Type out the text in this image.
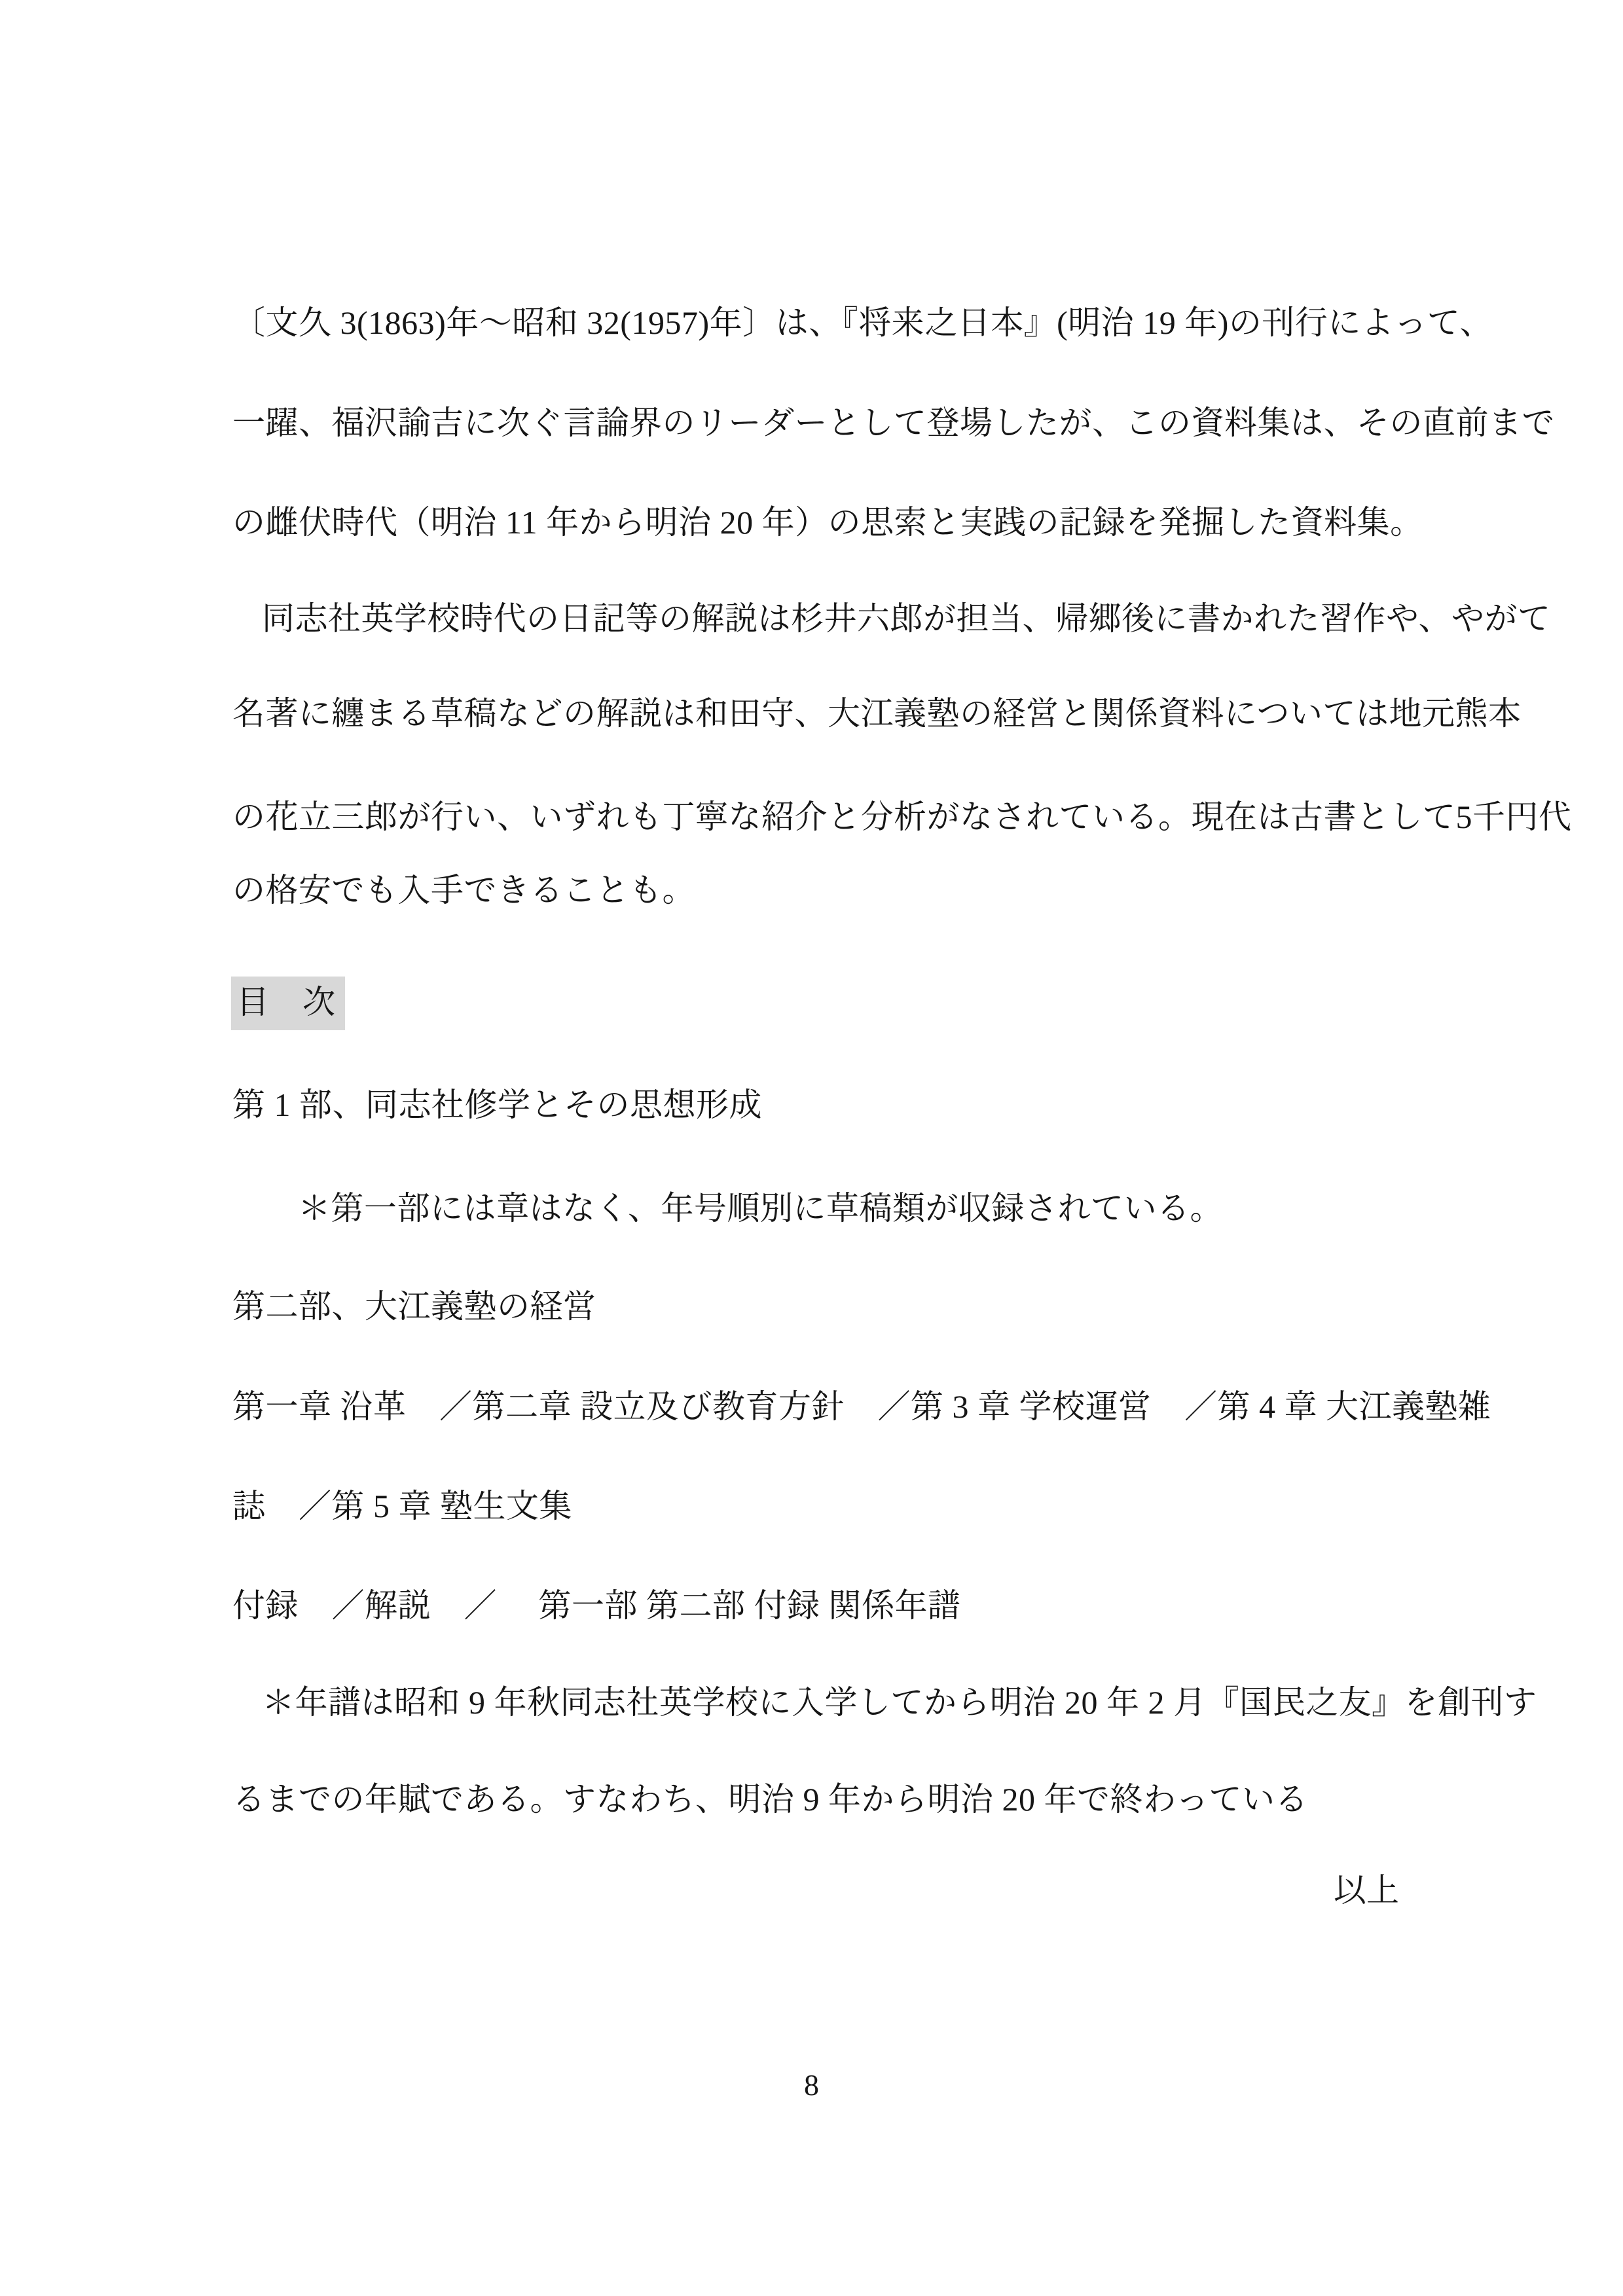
〔文久 3(1863)年～昭和 32(1957)年〕は、『将来之日本』(明治 19 年)の刊行によって、
一躍、福沢諭吉に次ぐ言論界のリーダーとして登場したが、この資料集は、その直前まで
の雌伏時代（明治 11 年から明治 20 年）の思索と実践の記録を発掘した資料集。
同志社英学校時代の日記等の解説は杉井六郎が担当、帰郷後に書かれた習作や、やがて
名著に纏まる草稿などの解説は和田守、大江義塾の経営と関係資料については地元熊本
の花立三郎が行い、いずれも丁寧な紹介と分析がなされている。現在は古書として5千円代
の格安でも入手できることも。
目　次
第 1 部、同志社修学とその思想形成
＊第一部には章はなく、年号順別に草稿類が収録されている。
第二部、大江義塾の経営
第一章 沿革　／第二章 設立及び教育方針　／第 3 章 学校運営　／第 4 章 大江義塾雑
誌　／第 5 章 塾生文集
付録　／解説　／　 第一部 第二部 付録 関係年譜
＊年譜は昭和 9 年秋同志社英学校に入学してから明治 20 年 2 月『国民之友』を創刊す
るまでの年賦である。すなわち、明治 9 年から明治 20 年で終わっている
以上
8
